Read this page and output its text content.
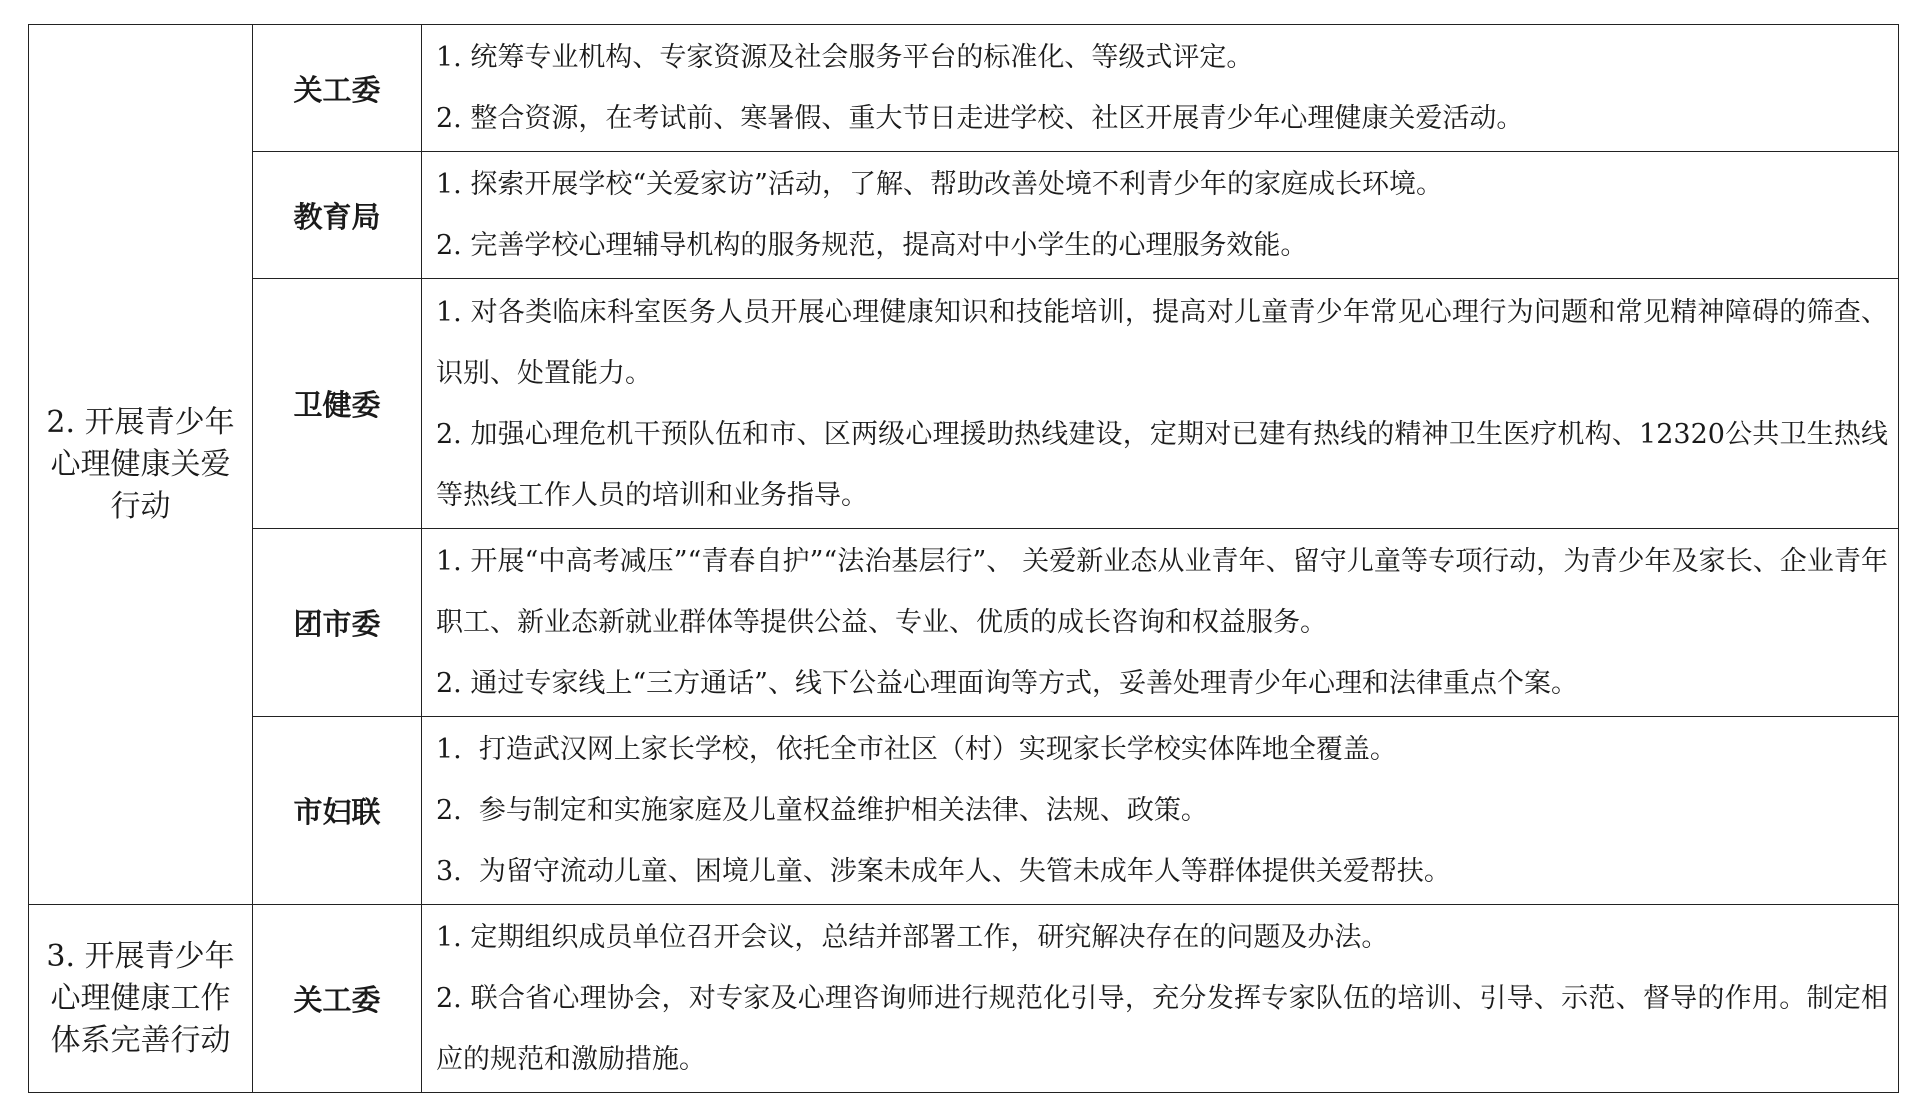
2. 开展青少年心理健康关爱行动	关工委	1. 统筹专业机构、专家资源及社会服务平台的标准化、等级式评定。
2. 整合资源，在考试前、寒暑假、重大节日走进学校、社区开展青少年心理健康关爱活动。

	教育局	1. 探索开展学校“关爱家访”活动，了解、帮助改善处境不利青少年的家庭成长环境。
2. 完善学校心理辅导机构的服务规范，提高对中小学生的心理服务效能。

	卫健委	1. 对各类临床科室医务人员开展心理健康知识和技能培训，提高对儿童青少年常见心理行为问题和常见精神障碍的筛查、识别、处置能力。
2. 加强心理危机干预队伍和市、区两级心理援助热线建设，定期对已建有热线的精神卫生医疗机构、12320公共卫生热线等热线工作人员的培训和业务指导。

	团市委	1. 开展“中高考减压”“青春自护”“法治基层行”、 关爱新业态从业青年、留守儿童等专项行动，为青少年及家长、企业青年职工、新业态新就业群体等提供公益、专业、优质的成长咨询和权益服务。
2. 通过专家线上“三方通话”、线下公益心理面询等方式，妥善处理青少年心理和法律重点个案。

	市妇联	1.  打造武汉网上家长学校，依托全市社区（村）实现家长学校实体阵地全覆盖。
2.  参与制定和实施家庭及儿童权益维护相关法律、法规、政策。
3.  为留守流动儿童、困境儿童、涉案未成年人、失管未成年人等群体提供关爱帮扶。

3. 开展青少年心理健康工作体系完善行动	关工委	1. 定期组织成员单位召开会议，总结并部署工作，研究解决存在的问题及办法。
2. 联合省心理协会，对专家及心理咨询师进行规范化引导，充分发挥专家队伍的培训、引导、示范、督导的作用。制定相应的规范和激励措施。
